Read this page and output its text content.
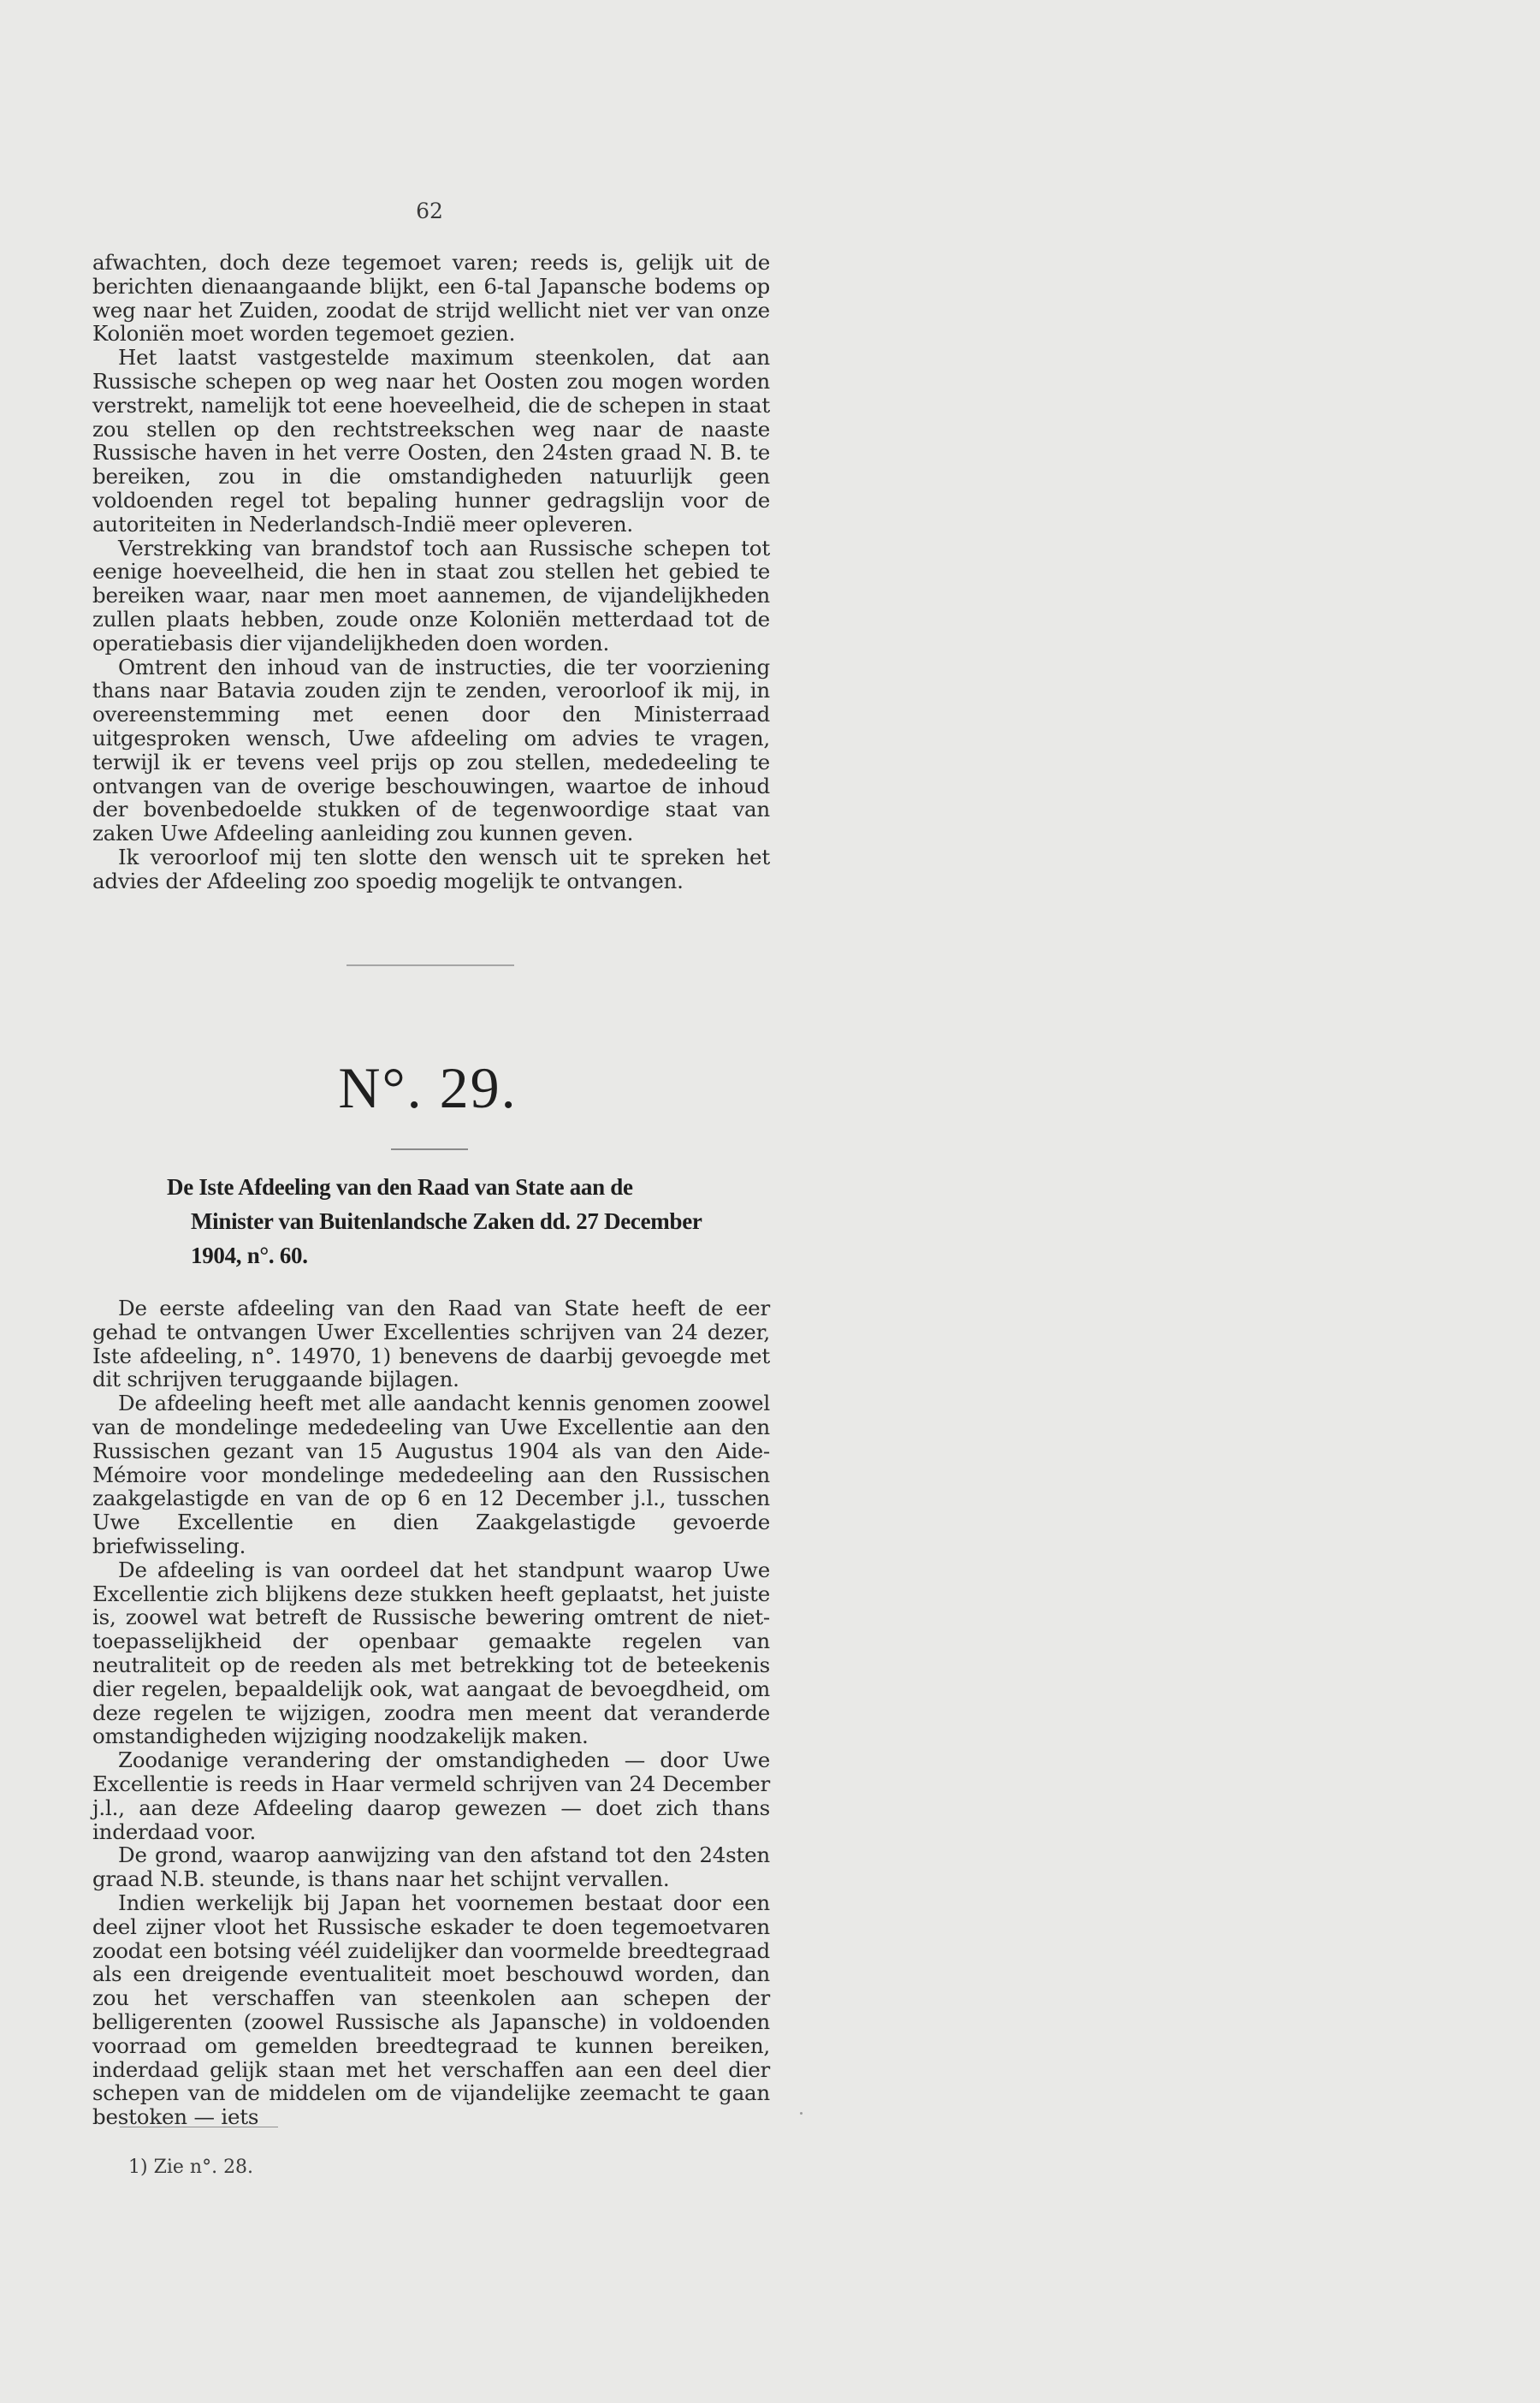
62

afwachten, doch deze tegemoet varen; reeds is, gelijk uit de berichten dienaangaande blijkt, een 6-tal Japansche bodems op weg naar het Zuiden, zoodat de strijd wellicht niet ver van onze Koloniën moet worden tegemoet gezien.

Het laatst vastgestelde maximum steenkolen, dat aan Russische schepen op weg naar het Oosten zou mogen worden verstrekt, namelijk tot eene hoeveelheid, die de schepen in staat zou stellen op den rechtstreekschen weg naar de naaste Russische haven in het verre Oosten, den 24sten graad N. B. te bereiken, zou in die omstandigheden natuurlijk geen voldoenden regel tot bepaling hunner gedragslijn voor de autoriteiten in Nederlandsch-Indië meer opleveren.

Verstrekking van brandstof toch aan Russische schepen tot eenige hoeveelheid, die hen in staat zou stellen het gebied te bereiken waar, naar men moet aannemen, de vijandelijkheden zullen plaats hebben, zoude onze Koloniën metterdaad tot de operatiebasis dier vijandelijkheden doen worden.

Omtrent den inhoud van de instructies, die ter voorziening thans naar Batavia zouden zijn te zenden, veroorloof ik mij, in overeenstemming met eenen door den Ministerraad uitgesproken wensch, Uwe afdeeling om advies te vragen, terwijl ik er tevens veel prijs op zou stellen, mededeeling te ontvangen van de overige beschouwingen, waartoe de inhoud der bovenbedoelde stukken of de tegenwoordige staat van zaken Uwe Afdeeling aanleiding zou kunnen geven.

Ik veroorloof mij ten slotte den wensch uit te spreken het advies der Afdeeling zoo spoedig mogelijk te ontvangen.

N°. 29.
De Iste Afdeeling van den Raad van State aan de
Minister van Buitenlandsche Zaken dd. 27 December
1904, n°. 60.

De eerste afdeeling van den Raad van State heeft de eer gehad te ontvangen Uwer Excellenties schrijven van 24 dezer, Iste afdeeling, n°. 14970, 1) benevens de daarbij gevoegde met dit schrijven teruggaande bijlagen.

De afdeeling heeft met alle aandacht kennis genomen zoowel van de mondelinge mededeeling van Uwe Excellentie aan den Russischen gezant van 15 Augustus 1904 als van den Aide-Mémoire voor mondelinge mededeeling aan den Russischen zaakgelastigde en van de op 6 en 12 December j.l., tusschen Uwe Excellentie en dien Zaakgelastigde gevoerde briefwisseling.

De afdeeling is van oordeel dat het standpunt waarop Uwe Excellentie zich blijkens deze stukken heeft geplaatst, het juiste is, zoowel wat betreft de Russische bewering omtrent de niet-toepasselijkheid der openbaar gemaakte regelen van neutraliteit op de reeden als met betrekking tot de beteekenis dier regelen, bepaaldelijk ook, wat aangaat de bevoegdheid, om deze regelen te wijzigen, zoodra men meent dat veranderde omstandigheden wijziging noodzakelijk maken.

Zoodanige verandering der omstandigheden — door Uwe Excellentie is reeds in Haar vermeld schrijven van 24 December j.l., aan deze Afdeeling daarop gewezen — doet zich thans inderdaad voor.

De grond, waarop aanwijzing van den afstand tot den 24sten graad N.B. steunde, is thans naar het schijnt vervallen.

Indien werkelijk bij Japan het voornemen bestaat door een deel zijner vloot het Russische eskader te doen tegemoetvaren zoodat een botsing véél zuidelijker dan voormelde breedtegraad als een dreigende eventualiteit moet beschouwd worden, dan zou het verschaffen van steenkolen aan schepen der belligerenten (zoowel Russische als Japansche) in voldoenden voorraad om gemelden breedtegraad te kunnen bereiken, inderdaad gelijk staan met het verschaffen aan een deel dier schepen van de middelen om de vijandelijke zeemacht te gaan bestoken — iets

1) Zie n°. 28.
